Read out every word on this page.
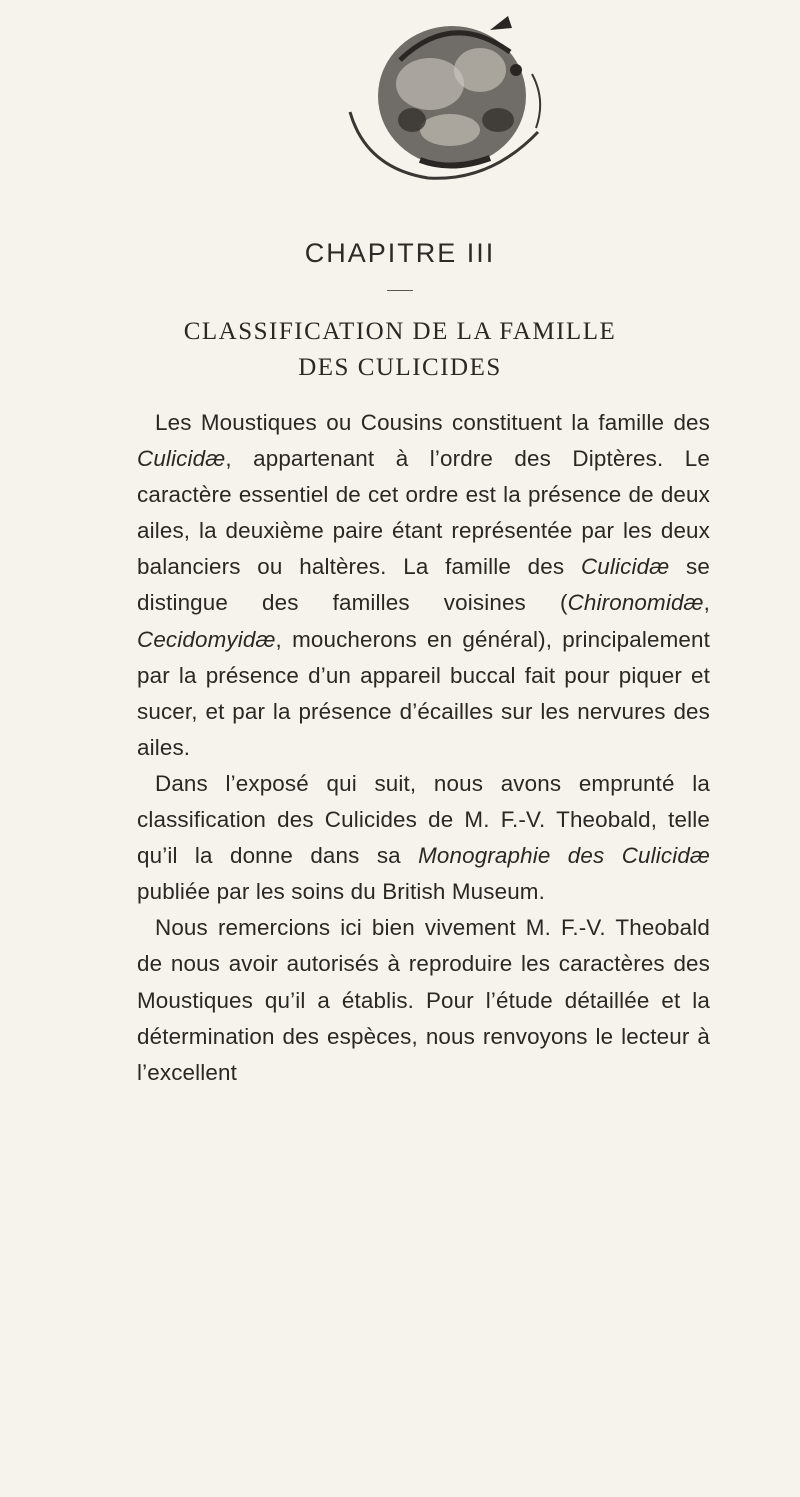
CHAPITRE III
CLASSIFICATION DE LA FAMILLE
DES CULICIDES

Les Moustiques ou Cousins constituent la famille des Culicidæ, appartenant à l’ordre des Diptères. Le caractère essentiel de cet ordre est la présence de deux ailes, la deuxième paire étant représentée par les deux balanciers ou haltères. La famille des Culicidæ se distingue des familles voisines (Chironomidæ, Cecidomyidæ, moucherons en général), principalement par la présence d’un appareil buccal fait pour piquer et sucer, et par la présence d’écailles sur les nervures des ailes.

Dans l’exposé qui suit, nous avons emprunté la classification des Culicides de M. F.-V. Theobald, telle qu’il la donne dans sa Monographie des Culicidæ publiée par les soins du British Museum.

Nous remercions ici bien vivement M. F.-V. Theobald de nous avoir autorisés à reproduire les caractères des Moustiques qu’il a établis. Pour l’étude détaillée et la détermination des espèces, nous renvoyons le lecteur à l’excellent
